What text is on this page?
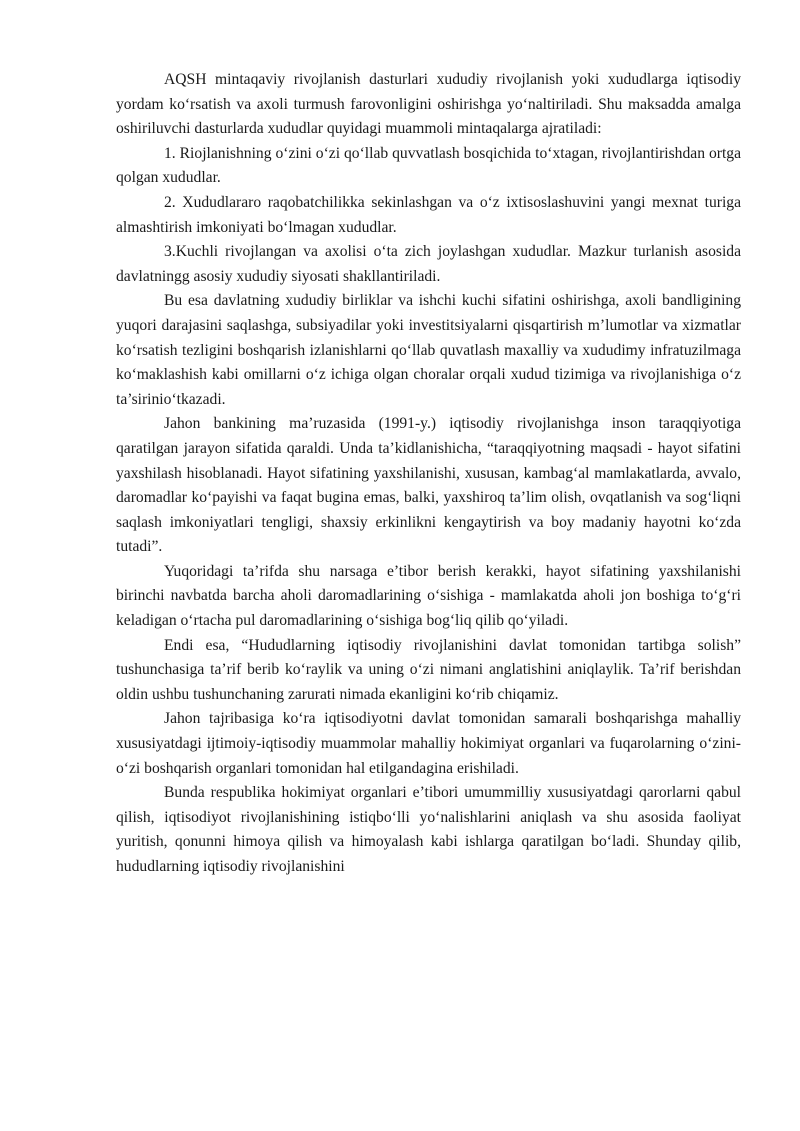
AQSH mintaqaviy rivojlanish dasturlari xududiy rivojlanish yoki xududlarga iqtisodiy yordam ko‘rsatish va axoli turmush farovonligini oshirishga yo‘naltiriladi. Shu maksadda amalga oshiriluvchi dasturlarda xududlar quyidagi muammoli mintaqalarga ajratiladi:

1. Riojlanishning o‘zini o‘zi qo‘llab quvvatlash bosqichida to‘xtagan, rivojlantirishdan ortga qolgan xududlar.

2. Xududlararo raqobatchilikka sekinlashgan va o‘z ixtisoslashuvini yangi mexnat turiga almashtirish imkoniyati bo‘lmagan xududlar.

3.Kuchli rivojlangan va axolisi o‘ta zich joylashgan xududlar. Mazkur turlanish asosida davlatningg asosiy xududiy siyosati shakllantiriladi.

Bu esa davlatning xududiy birliklar va ishchi kuchi sifatini oshirishga, axoli bandligining yuqori darajasini saqlashga, subsiyadilar yoki investitsiyalarni qisqartirish m’lumotlar va xizmatlar ko‘rsatish tezligini boshqarish izlanishlarni qo‘llab quvatlash maxalliy va xududimy infratuzilmaga ko‘maklashish kabi omillarni o‘z ichiga olgan choralar orqali xudud tizimiga va rivojlanishiga o‘z ta’sirinio‘tkazadi.

Jahon bankining ma’ruzasida (1991-y.) iqtisodiy rivojlanishga inson taraqqiyotiga qaratilgan jarayon sifatida qaraldi. Unda ta’kidlanishicha, “taraqqiyotning maqsadi - hayot sifatini yaxshilash hisoblanadi. Hayot sifatining yaxshilanishi, xususan, kambag‘al mamlakatlarda, avvalo, daromadlar ko‘payishi va faqat bugina emas, balki, yaxshiroq ta’lim olish, ovqatlanish va sog‘liqni saqlash imkoniyatlari tengligi, shaxsiy erkinlikni kengaytirish va boy madaniy hayotni ko‘zda tutadi”.

Yuqoridagi ta’rifda shu narsaga e’tibor berish kerakki, hayot sifatining yaxshilanishi birinchi navbatda barcha aholi daromadlarining o‘sishiga - mamlakatda aholi jon boshiga to‘g‘ri keladigan o‘rtacha pul daromadlarining o‘sishiga bog‘liq qilib qo‘yiladi.

Endi esa, “Hududlarning iqtisodiy rivojlanishini davlat tomonidan tartibga solish” tushunchasiga ta’rif berib ko‘raylik va uning o‘zi nimani anglatishini aniqlaylik. Ta’rif berishdan oldin ushbu tushunchaning zarurati nimada ekanligini ko‘rib chiqamiz.

Jahon tajribasiga ko‘ra iqtisodiyotni davlat tomonidan samarali boshqarishga mahalliy xususiyatdagi ijtimoiy-iqtisodiy muammolar mahalliy hokimiyat organlari va fuqarolarning o‘zini-o‘zi boshqarish organlari tomonidan hal etilgandagina erishiladi.

Bunda respublika hokimiyat organlari e’tibori umummilliy xususiyatdagi qarorlarni qabul qilish, iqtisodiyot rivojlanishining istiqbo‘lli yo‘nalishlarini aniqlash va shu asosida faoliyat yuritish, qonunni himoya qilish va himoyalash kabi ishlarga qaratilgan bo‘ladi. Shunday qilib, hududlarning iqtisodiy rivojlanishini
